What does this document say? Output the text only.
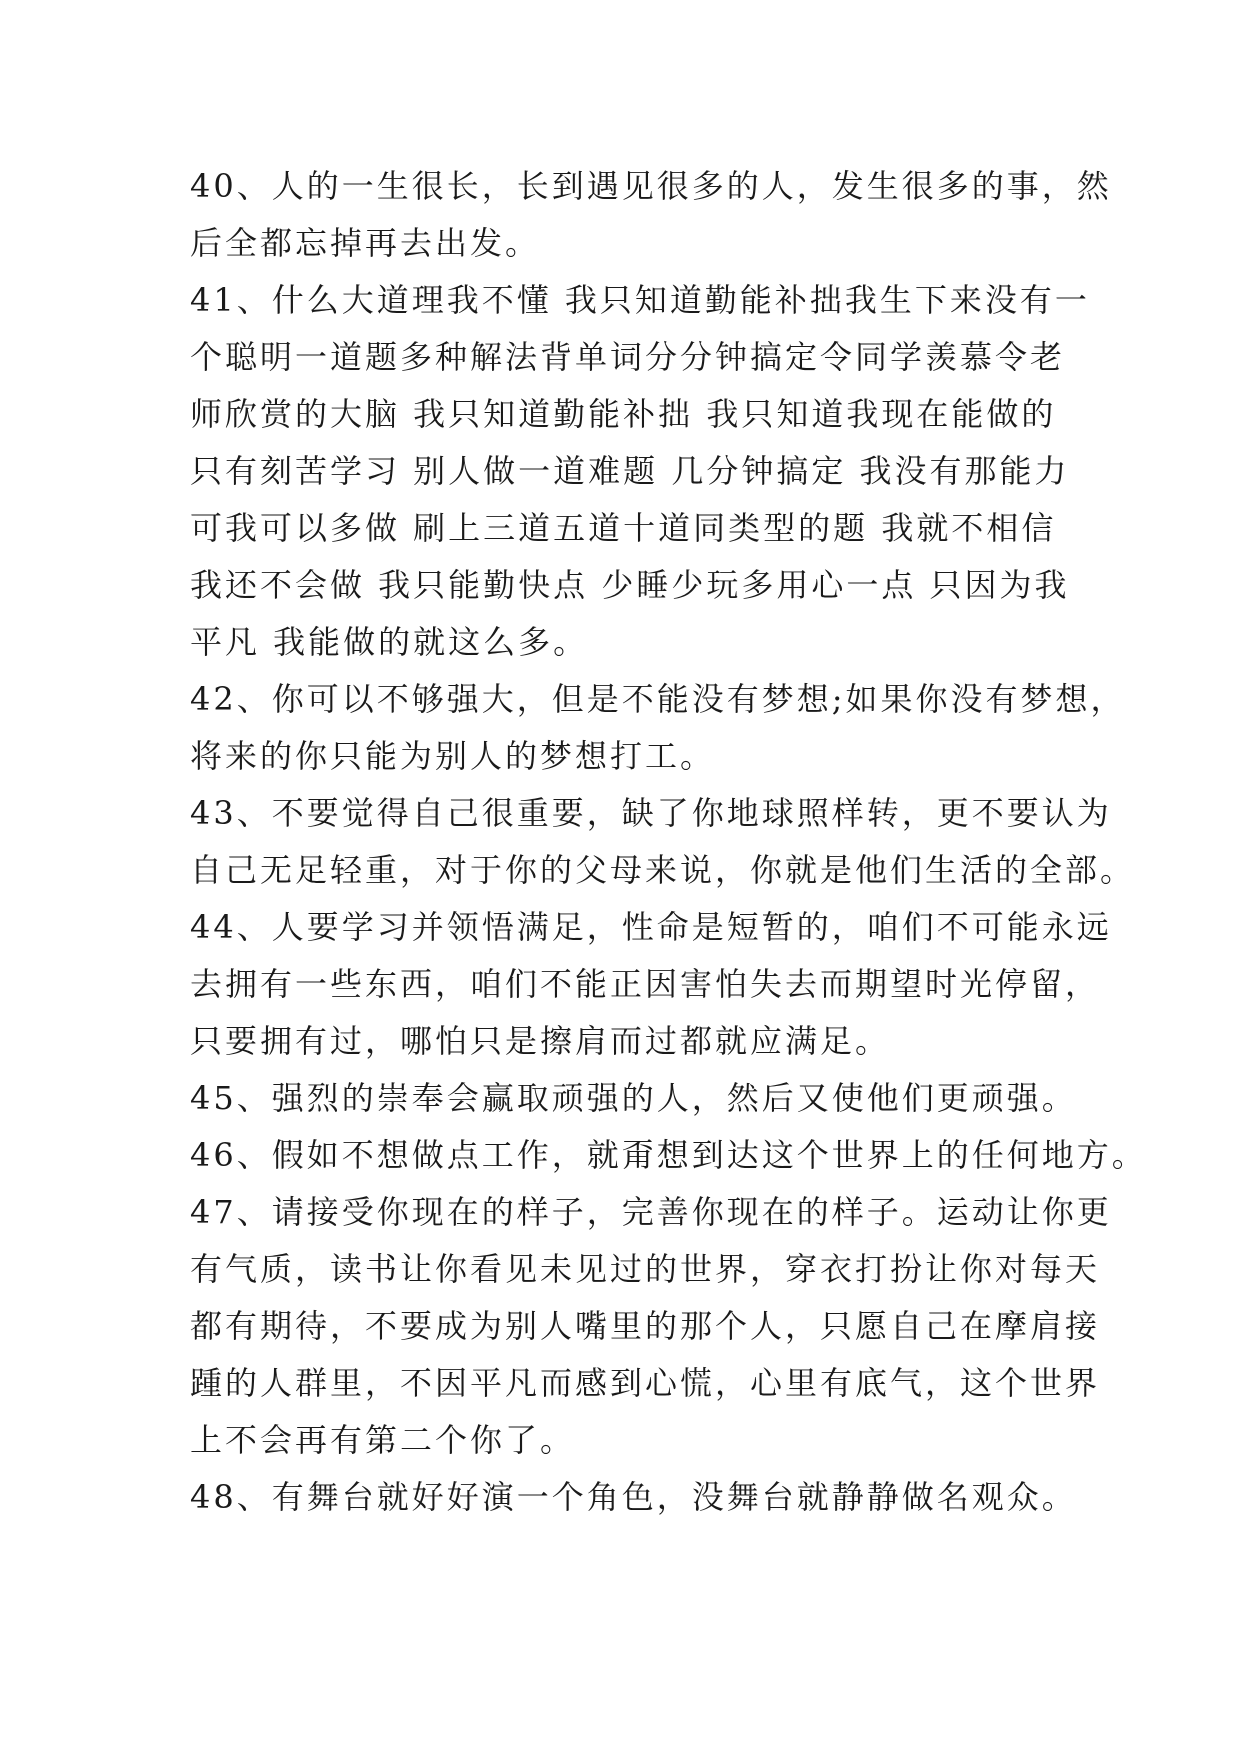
40、人的一生很长，长到遇见很多的人，发生很多的事，然
后全都忘掉再去出发。
41、什么大道理我不懂 我只知道勤能补拙我生下来没有一
个聪明一道题多种解法背单词分分钟搞定令同学羡慕令老
师欣赏的大脑 我只知道勤能补拙 我只知道我现在能做的
只有刻苦学习 别人做一道难题 几分钟搞定 我没有那能力
可我可以多做 刷上三道五道十道同类型的题 我就不相信
我还不会做 我只能勤快点 少睡少玩多用心一点 只因为我
平凡 我能做的就这么多。
42、你可以不够强大，但是不能没有梦想;如果你没有梦想，
将来的你只能为别人的梦想打工。
43、不要觉得自己很重要，缺了你地球照样转，更不要认为
自己无足轻重，对于你的父母来说，你就是他们生活的全部。
44、人要学习并领悟满足，性命是短暂的，咱们不可能永远
去拥有一些东西，咱们不能正因害怕失去而期望时光停留，
只要拥有过，哪怕只是擦肩而过都就应满足。
45、强烈的崇奉会赢取顽强的人，然后又使他们更顽强。
46、假如不想做点工作，就甭想到达这个世界上的任何地方。
47、请接受你现在的样子，完善你现在的样子。运动让你更
有气质，读书让你看见未见过的世界，穿衣打扮让你对每天
都有期待，不要成为别人嘴里的那个人，只愿自己在摩肩接
踵的人群里，不因平凡而感到心慌，心里有底气，这个世界
上不会再有第二个你了。
48、有舞台就好好演一个角色，没舞台就静静做名观众。
